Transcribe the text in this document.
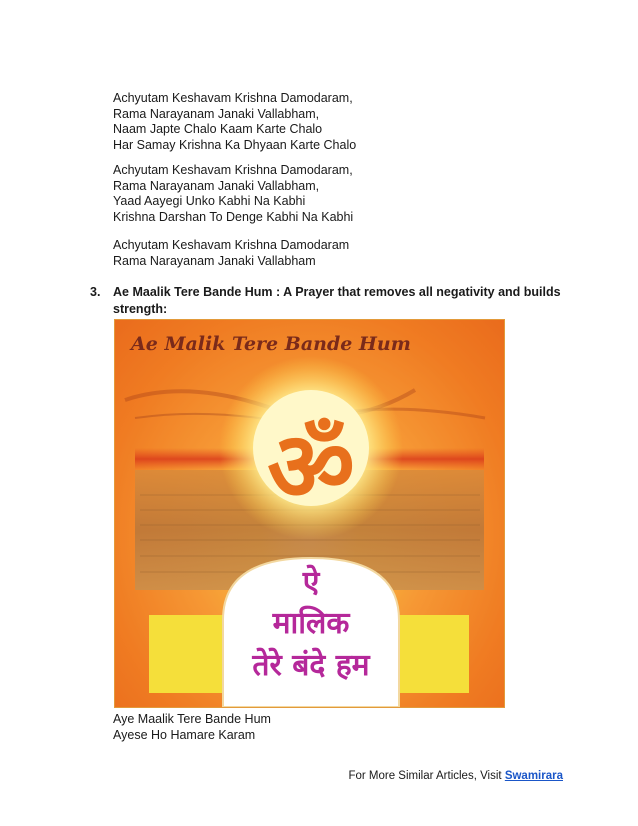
Achyutam Keshavam Krishna Damodaram,
Rama Narayanam Janaki Vallabham,
Naam Japte Chalo Kaam Karte Chalo
Har Samay Krishna Ka Dhyaan Karte Chalo
Achyutam Keshavam Krishna Damodaram,
Rama Narayanam Janaki Vallabham,
Yaad Aayegi Unko Kabhi Na Kabhi
Krishna Darshan To Denge Kabhi Na Kabhi
Achyutam Keshavam Krishna Damodaram
Rama Narayanam Janaki Vallabham
3. Ae Maalik Tere Bande Hum : A Prayer that removes all negativity and builds strength:
ॐ
Ae Malik Tere Bande Hum
ऐ
मालिक
तेरे बंदे हम
Aye Maalik Tere Bande Hum
Ayese Ho Hamare Karam
For More Similar Articles, Visit Swamirara
